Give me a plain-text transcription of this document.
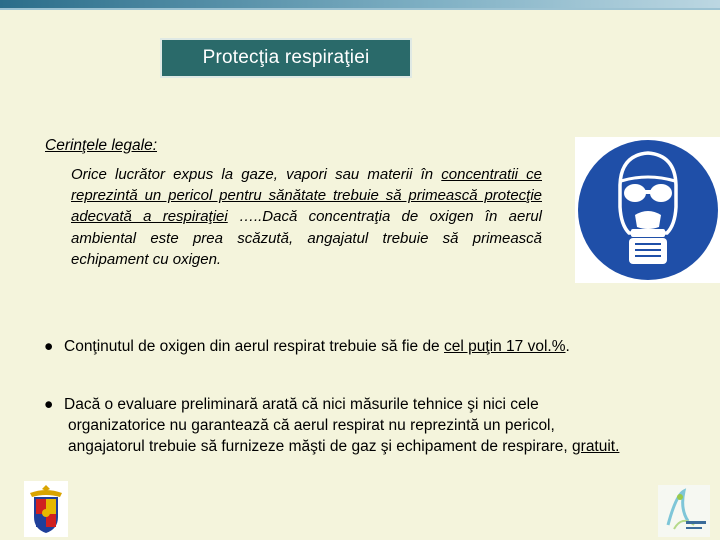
Protecţia respiraţiei
Cerinţele legale:
Orice lucrător expus la gaze, vapori sau materii în concentratii ce reprezintă un pericol pentru sănătate trebuie să primească protecţie adecvată a respiraţiei …..Dacă concentraţia de oxigen în aerul ambiental este prea scăzută, angajatul trebuie să primească echipament cu oxigen.
● Conţinutul de oxigen din aerul respirat trebuie să fie de cel puţin 17 vol.%.
● Dacă o evaluare preliminară arată că nici măsurile tehnice şi nici cele
organizatorice nu garantează că aerul respirat nu reprezintă un pericol,
angajatorul trebuie să furnizeze măşti de gaz şi echipament de respirare, gratuit.
